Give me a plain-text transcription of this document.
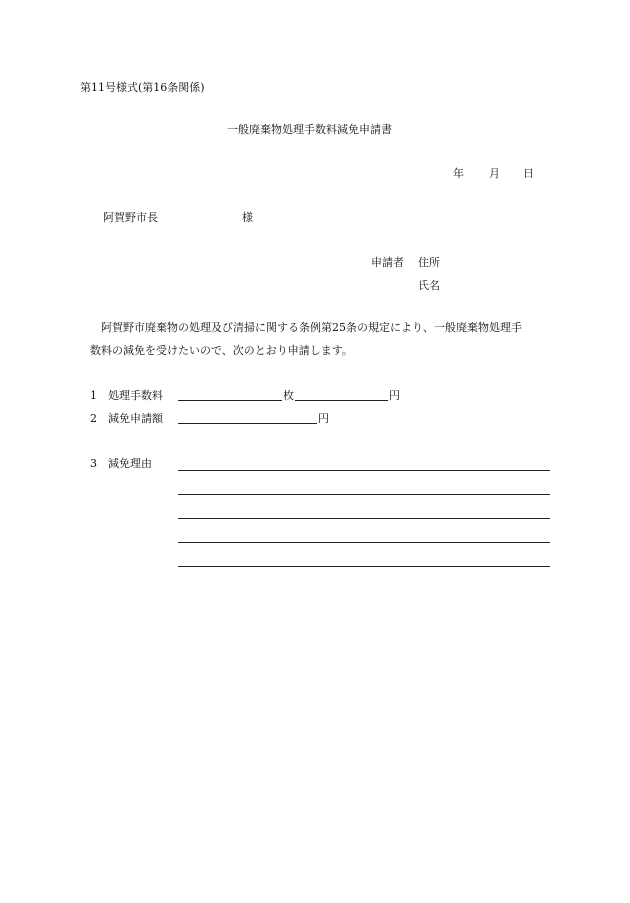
第11号様式(第16条関係)
一般廃棄物処理手数料減免申請書
年 月 日
阿賀野市長	様
申請者 住所
氏名
阿賀野市廃棄物の処理及び清掃に関する条例第25条の規定により、一般廃棄物処理手
数料の減免を受けたいので、次のとおり申請します。
1 処理手数料	枚	円
2 減免申請額	円
3 減免理由
